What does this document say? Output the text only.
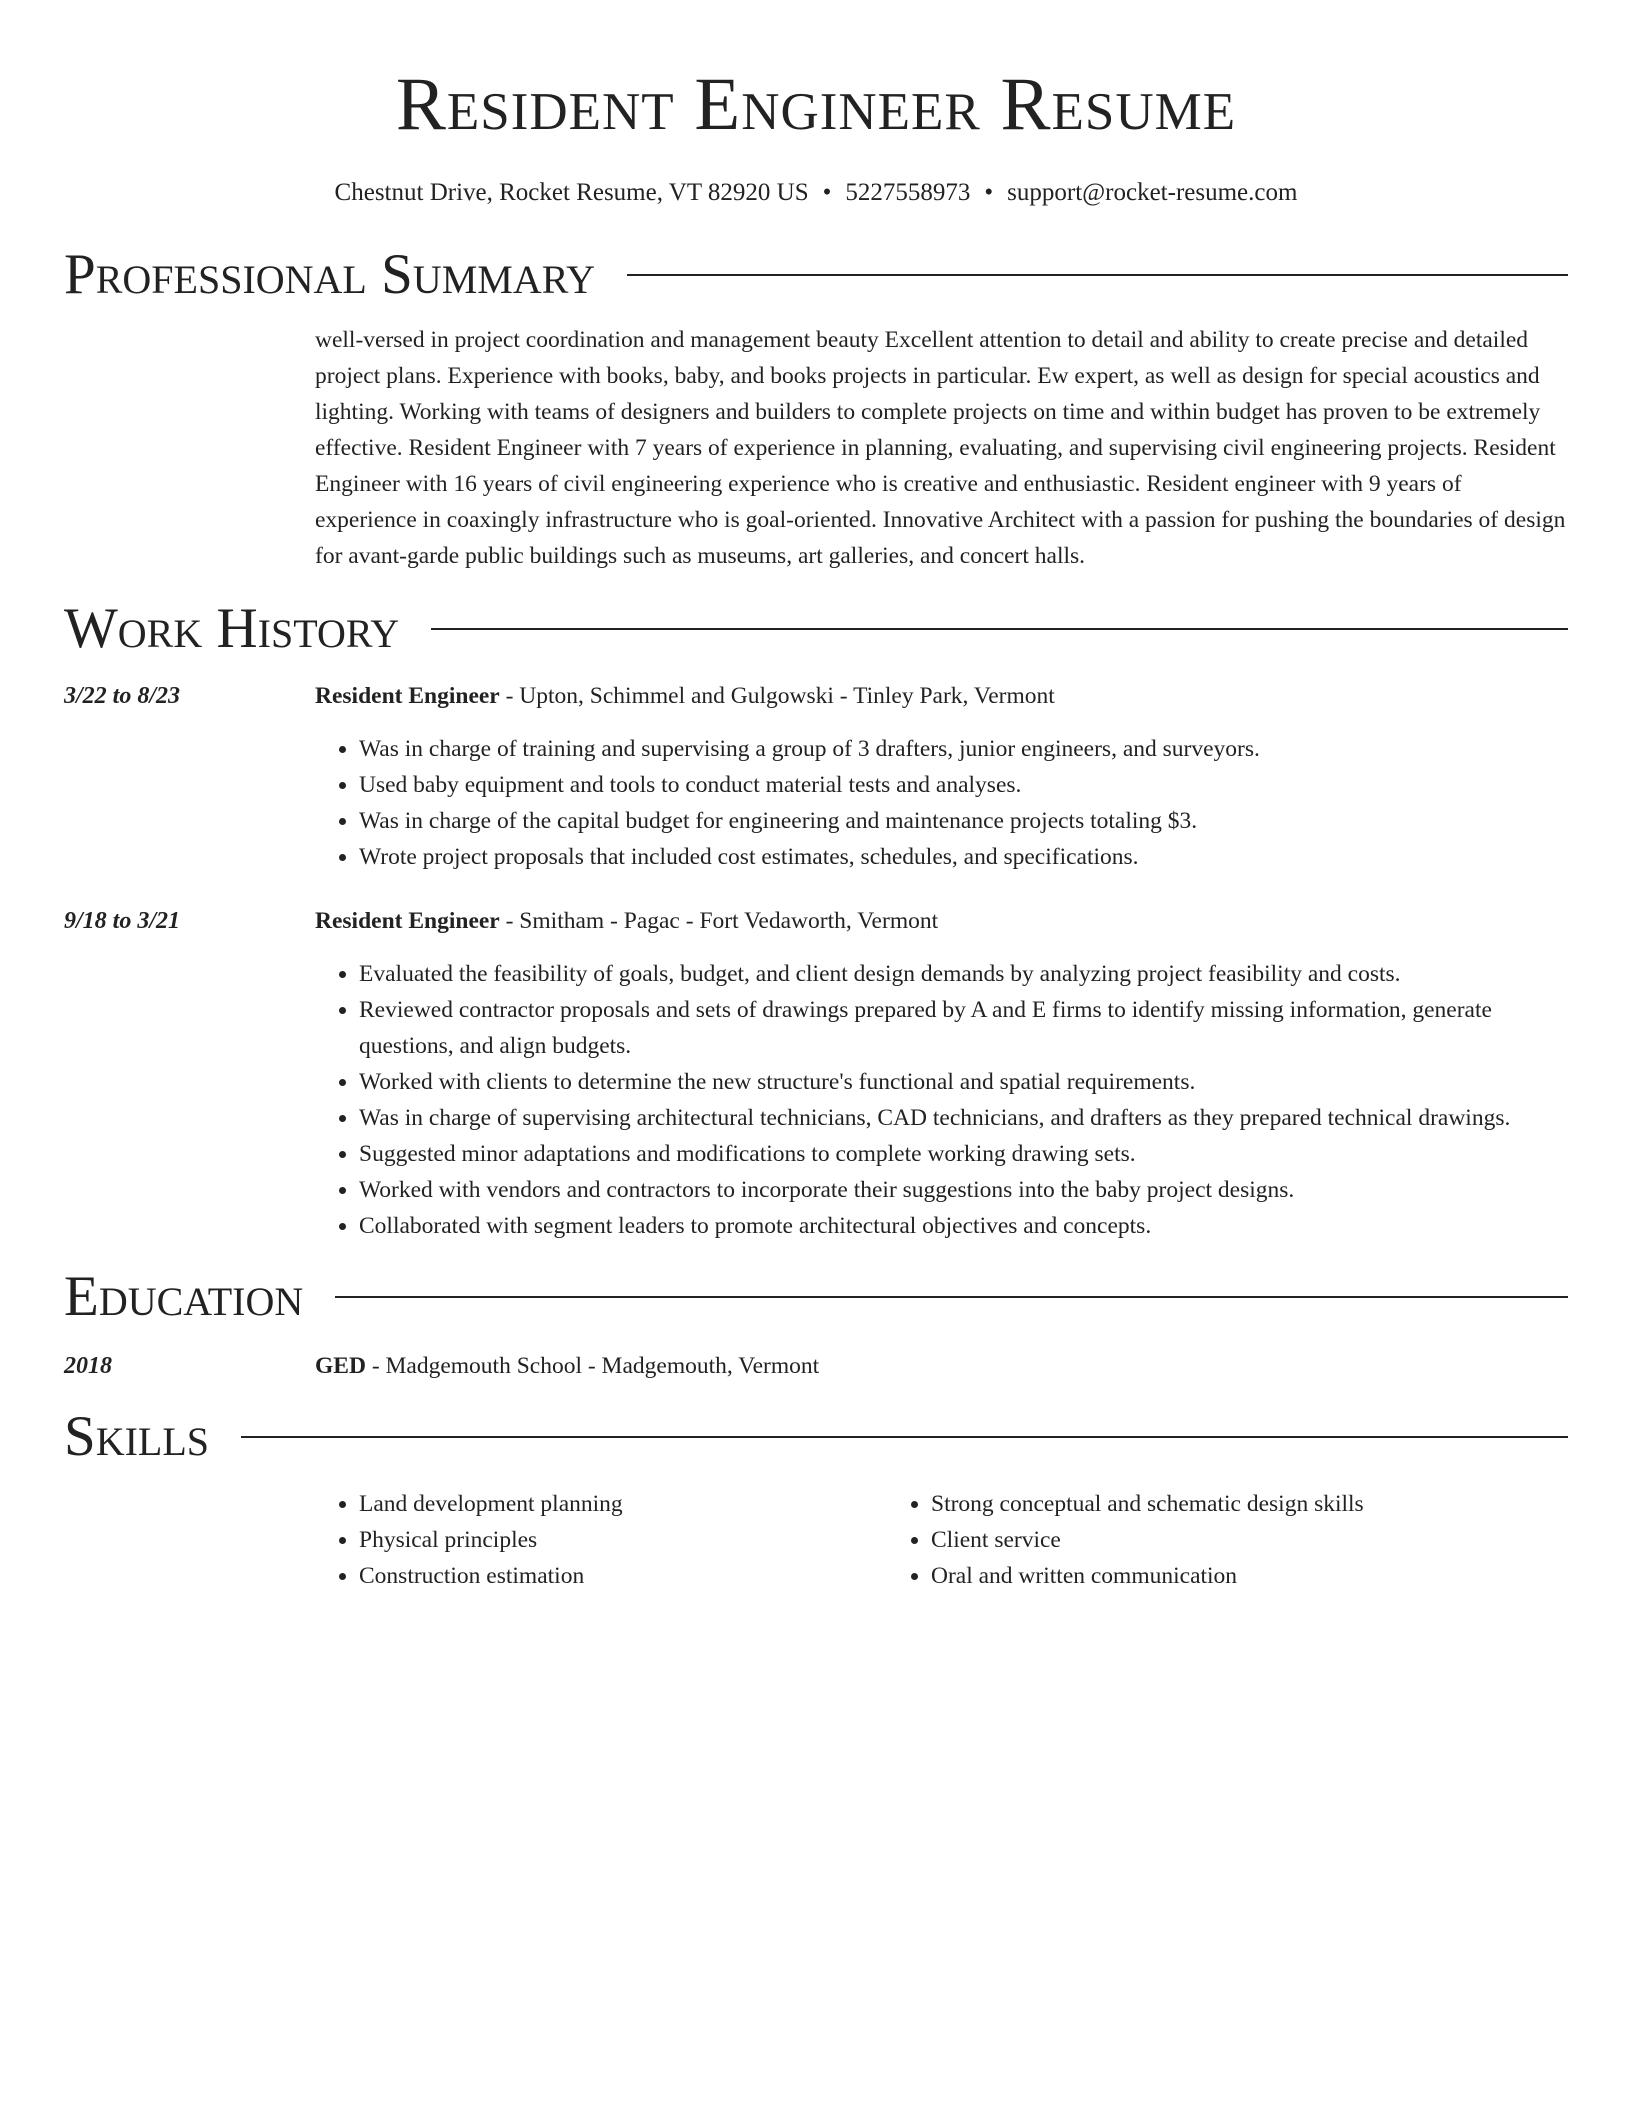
Resident Engineer Resume
Chestnut Drive, Rocket Resume, VT 82920 US • 5227558973 • support@rocket-resume.com
Professional Summary
well-versed in project coordination and management beauty Excellent attention to detail and ability to create precise and detailed project plans. Experience with books, baby, and books projects in particular. Ew expert, as well as design for special acoustics and lighting. Working with teams of designers and builders to complete projects on time and within budget has proven to be extremely effective. Resident Engineer with 7 years of experience in planning, evaluating, and supervising civil engineering projects. Resident Engineer with 16 years of civil engineering experience who is creative and enthusiastic. Resident engineer with 9 years of experience in coaxingly infrastructure who is goal-oriented. Innovative Architect with a passion for pushing the boundaries of design for avant-garde public buildings such as museums, art galleries, and concert halls.
Work History
3/22 to 8/23	Resident Engineer - Upton, Schimmel and Gulgowski - Tinley Park, Vermont
• Was in charge of training and supervising a group of 3 drafters, junior engineers, and surveyors.
• Used baby equipment and tools to conduct material tests and analyses.
• Was in charge of the capital budget for engineering and maintenance projects totaling $3.
• Wrote project proposals that included cost estimates, schedules, and specifications.
9/18 to 3/21	Resident Engineer - Smitham - Pagac - Fort Vedaworth, Vermont
• Evaluated the feasibility of goals, budget, and client design demands by analyzing project feasibility and costs.
• Reviewed contractor proposals and sets of drawings prepared by A and E firms to identify missing information, generate questions, and align budgets.
• Worked with clients to determine the new structure's functional and spatial requirements.
• Was in charge of supervising architectural technicians, CAD technicians, and drafters as they prepared technical drawings.
• Suggested minor adaptations and modifications to complete working drawing sets.
• Worked with vendors and contractors to incorporate their suggestions into the baby project designs.
• Collaborated with segment leaders to promote architectural objectives and concepts.
Education
2018	GED - Madgemouth School - Madgemouth, Vermont
Skills
• Land development planning
• Physical principles
• Construction estimation
• Strong conceptual and schematic design skills
• Client service
• Oral and written communication
